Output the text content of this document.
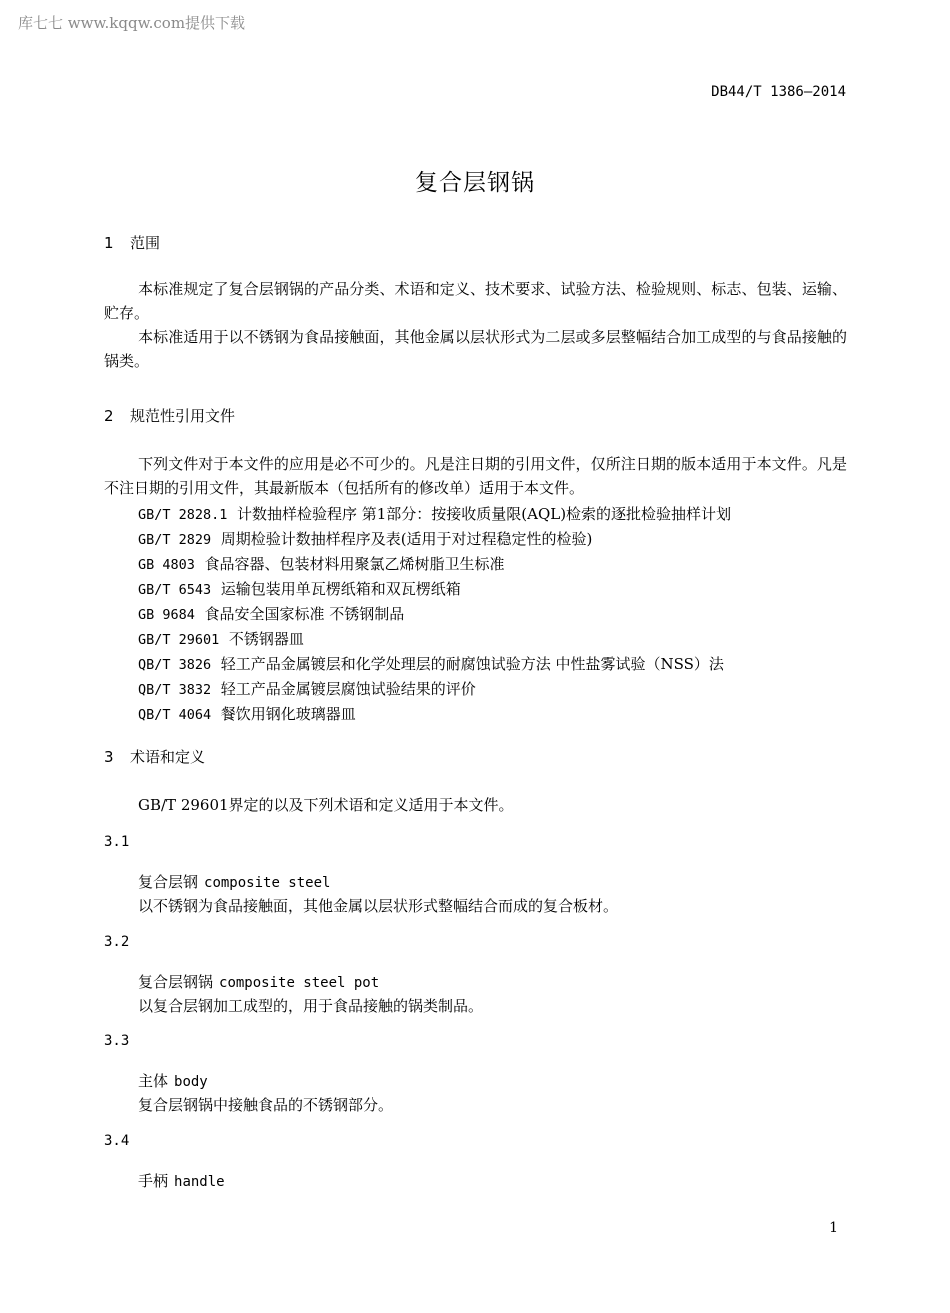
库七七 www.kqqw.com提供下载
DB44/T 1386—2014
复合层钢锅
1 范围
本标准规定了复合层钢锅的产品分类、术语和定义、技术要求、试验方法、检验规则、标志、包装、运输、贮存。
本标准适用于以不锈钢为食品接触面，其他金属以层状形式为二层或多层整幅结合加工成型的与食品接触的锅类。
2 规范性引用文件
下列文件对于本文件的应用是必不可少的。凡是注日期的引用文件，仅所注日期的版本适用于本文件。凡是不注日期的引用文件，其最新版本（包括所有的修改单）适用于本文件。
GB/T 2828.1 计数抽样检验程序 第1部分：按接收质量限(AQL)检索的逐批检验抽样计划
GB/T 2829 周期检验计数抽样程序及表(适用于对过程稳定性的检验)
GB 4803 食品容器、包装材料用聚氯乙烯树脂卫生标准
GB/T 6543 运输包装用单瓦楞纸箱和双瓦楞纸箱
GB 9684 食品安全国家标准 不锈钢制品
GB/T 29601 不锈钢器皿
QB/T 3826 轻工产品金属镀层和化学处理层的耐腐蚀试验方法 中性盐雾试验（NSS）法
QB/T 3832 轻工产品金属镀层腐蚀试验结果的评价
QB/T 4064 餐饮用钢化玻璃器皿
3 术语和定义
GB/T 29601界定的以及下列术语和定义适用于本文件。
3.1
复合层钢 composite steel
以不锈钢为食品接触面，其他金属以层状形式整幅结合而成的复合板材。
3.2
复合层钢锅 composite steel pot
以复合层钢加工成型的，用于食品接触的锅类制品。
3.3
主体 body
复合层钢锅中接触食品的不锈钢部分。
3.4
手柄 handle
1
